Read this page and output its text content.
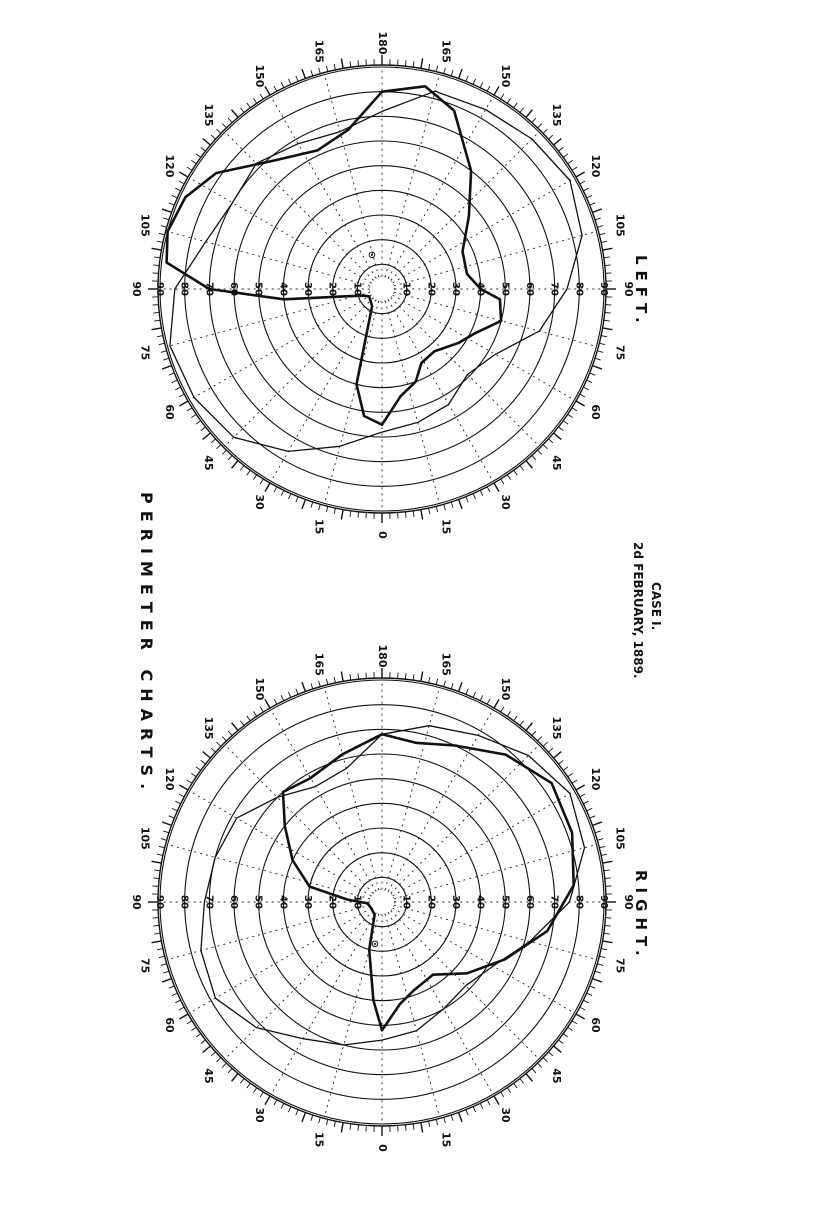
0
15
30
45
60
75
90
105
120
135
150
165
180
165
150
135
120
105
90
75
60
45
30
15
10	10
20	20
30	30
40	40
50	50
60	60
70	70
80	80
90	90
⊙
0
15
30
45
60
75
90
105
120
135
150
165
180
165
150
135
120
105
90
75
60
45
30
15
10	10
20	20
30	30
40	40
50	50
60	60
70	70
80	80
90	90
⊙
LEFT.
RIGHT.
CASE I.
2d FEBRUARY, 1889.
PERIMETER CHARTS.
